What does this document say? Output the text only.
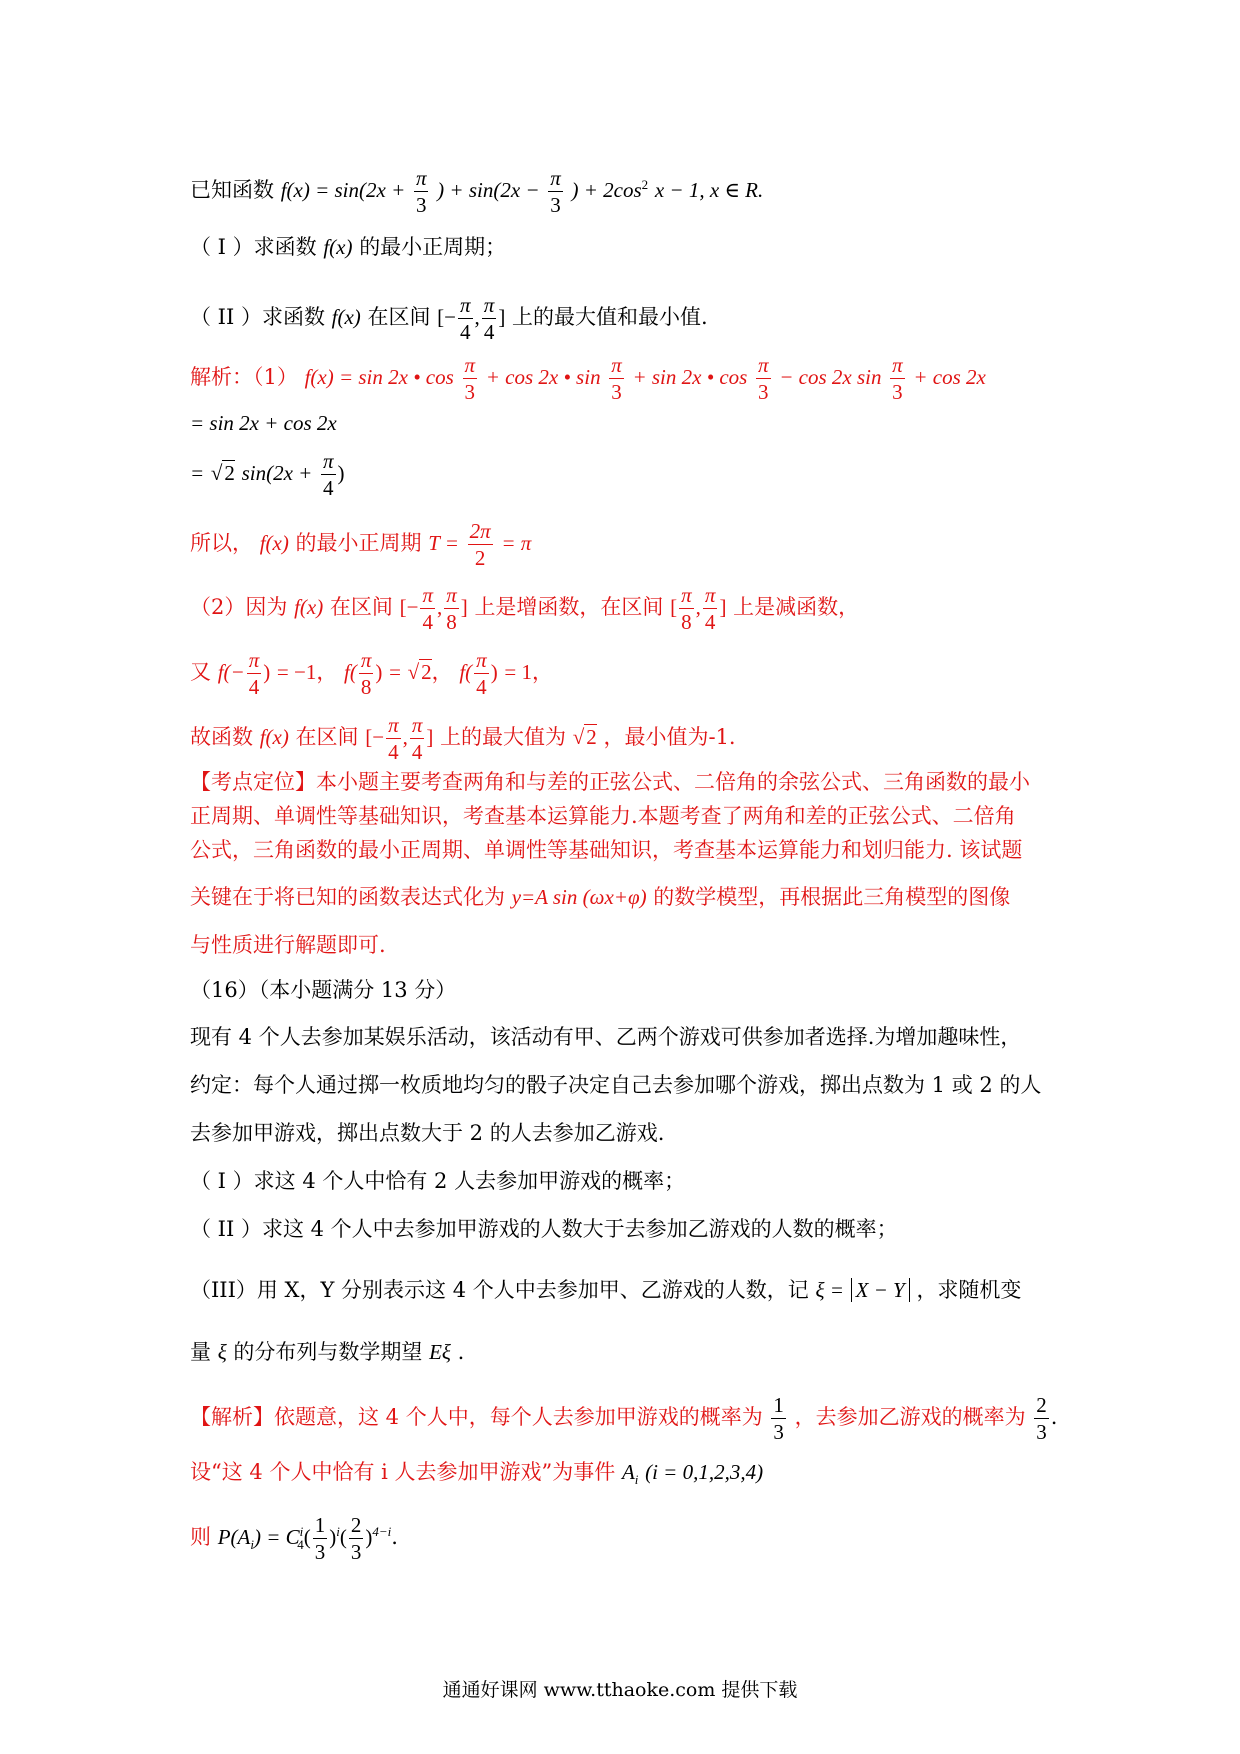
​
已知函数 $f(x) = \sin(2x + \frac{\pi}{3}$ ) + $\sin(2x - \frac{\pi}{3}$ ) + $2\cos^2$ x − 1, x ∈ R.
（ I ）求函数 f(x) 的最小正周期；
（ II ）求函数 f(x) 在区间 [− $\frac{\pi}{4}$ , $\frac{\pi}{4}$ ] 上的最大值和最小值.
解析：（1） f(x) = sin 2x • $\cos \frac{\pi}{3} + \cos 2x$ • $\sin \frac{\pi}{3} + \sin 2x$ • $\cos \frac{\pi}{3} - \cos 2x$ $\sin \frac{\pi}{3} + \cos 2x$
= sin 2x + cos 2x
= √2 $\sin(2x + \frac{\pi}{4}$ )
所以， f(x) 的最小正周期 $T = \frac{2\pi}{2} = \pi$
（2）因为 f(x) 在区间 [− $\frac{\pi}{4}$ , $\frac{\pi}{8}$ ] 上是增函数，在区间 [ $\frac{\pi}{8}$ , $\frac{\pi}{4}$ ] 上是减函数，
又 $f(- \frac{\pi}{4}$ ) = −1， $f( \frac{\pi}{8}$ ) = √2， $f( \frac{\pi}{4}$ ) = 1，
故函数 f(x) 在区间 [− $\frac{\pi}{4}$ , $\frac{\pi}{4}$ ] 上的最大值为 √2 ，最小值为-1.
【考点定位】本小题主要考查两角和与差的正弦公式、二倍角的余弦公式、三角函数的最小
正周期、单调性等基础知识，考查基本运算能力.本题考查了两角和差的正弦公式、二倍角
公式，三角函数的最小正周期、单调性等基础知识，考查基本运算能力和划归能力. 该试题
关键在于将已知的函数表达式化为 y=A sin (ωx+φ) 的数学模型，再根据此三角模型的图像
与性质进行解题即可.
（16）（本小题满分 13 分）
现有 4 个人去参加某娱乐活动，该活动有甲、乙两个游戏可供参加者选择.为增加趣味性，
约定：每个人通过掷一枚质地均匀的骰子决定自己去参加哪个游戏，掷出点数为 1 或 2 的人
去参加甲游戏，掷出点数大于 2 的人去参加乙游戏.
（ I ）求这 4 个人中恰有 2 人去参加甲游戏的概率；
（ II ）求这 4 个人中去参加甲游戏的人数大于去参加乙游戏的人数的概率；
（III）用 X，Y 分别表示这 4 个人中去参加甲、乙游戏的人数，记 ξ = X − Y ，求随机变
量 ξ 的分布列与数学期望 Eξ .
【解析】依题意，这 4 个人中，每个人去参加甲游戏的概率为 $\frac{1}{3}$ ，去参加乙游戏的概率为 $\frac{2}{3}$ .
设“这 4 个人中恰有 i 人去参加甲游戏”为事件 $A_i$ (i = 0,1,2,3,4)
则 $P(A_i) = C^i_4( \frac{1}{3} )^i( \frac{2}{3} )^{4-i}$.
通通好课网 www.tthaoke.com 提供下载
